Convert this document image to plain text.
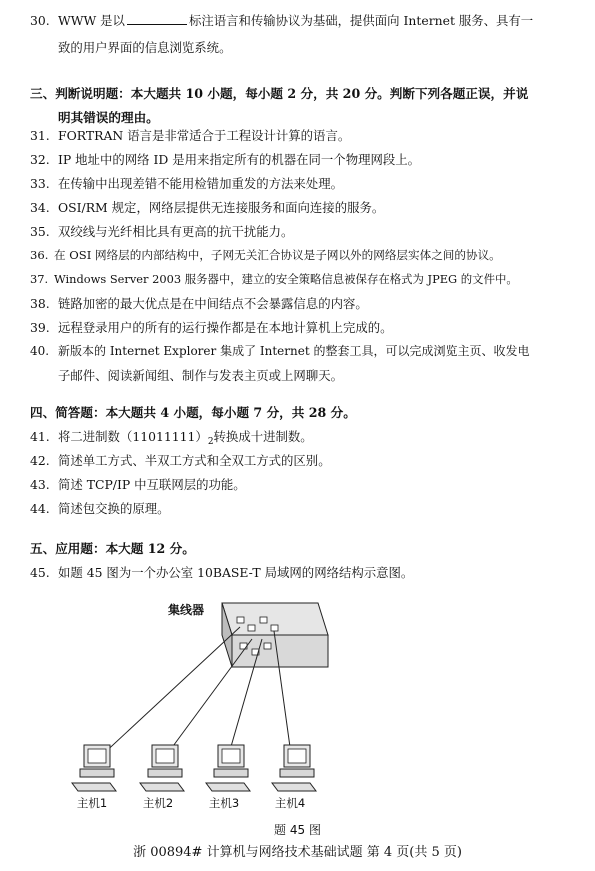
30. WWW 是以	标注语言和传输协议为基础，提供面向 Internet 服务、具有一
致的用户界面的信息浏览系统。
三、判断说明题：本大题共 10 小题，每小题 2 分，共 20 分。判断下列各题正误，并说
明其错误的理由。
31. FORTRAN 语言是非常适合于工程设计计算的语言。
32. IP 地址中的网络 ID 是用来指定所有的机器在同一个物理网段上。
33. 在传输中出现差错不能用检错加重发的方法来处理。
34. OSI/RM 规定，网络层提供无连接服务和面向连接的服务。
35. 双绞线与光纤相比具有更高的抗干扰能力。
36. 在 OSI 网络层的内部结构中，子网无关汇合协议是子网以外的网络层实体之间的协议。
37. Windows Server 2003 服务器中，建立的安全策略信息被保存在格式为 JPEG 的文件中。
38. 链路加密的最大优点是在中间结点不会暴露信息的内容。
39. 远程登录用户的所有的运行操作都是在本地计算机上完成的。
40. 新版本的 Internet Explorer 集成了 Internet 的整套工具，可以完成浏览主页、收发电
子邮件、阅读新闻组、制作与发表主页或上网聊天。
四、简答题：本大题共 4 小题，每小题 7 分，共 28 分。
41. 将二进制数$(11011111)_2$转换成十进制数。
42. 简述单工方式、半双工方式和全双工方式的区别。
43. 简述 TCP/IP 中互联网层的功能。
44. 简述包交换的原理。
五、应用题：本大题 12 分。
45. 如题 45 图为一个办公室 10BASE-T 局域网的网络结构示意图。
集线器
主机1	主机2	主机3	主机4
题 45 图
浙 00894# 计算机与网络技术基础试题 第 4 页(共 5 页)
